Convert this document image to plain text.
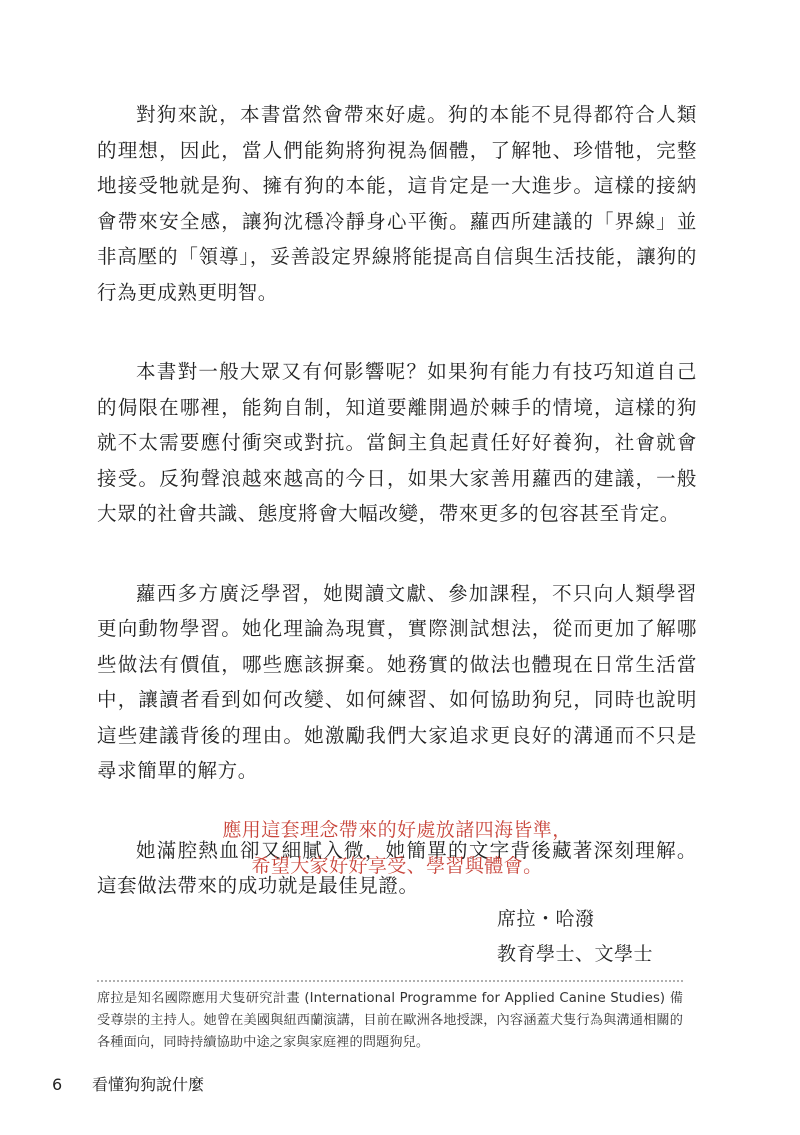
對狗來說，本書當然會帶來好處。狗的本能不見得都符合人類的理想，因此，當人們能夠將狗視為個體，了解牠、珍惜牠，完整地接受牠就是狗、擁有狗的本能，這肯定是一大進步。這樣的接納會帶來安全感，讓狗沈穩冷靜身心平衡。蘿西所建議的「界線」並非高壓的「領導」，妥善設定界線將能提高自信與生活技能，讓狗的行為更成熟更明智。

本書對一般大眾又有何影響呢？如果狗有能力有技巧知道自己的侷限在哪裡，能夠自制，知道要離開過於棘手的情境，這樣的狗就不太需要應付衝突或對抗。當飼主負起責任好好養狗，社會就會接受。反狗聲浪越來越高的今日，如果大家善用蘿西的建議，一般大眾的社會共識、態度將會大幅改變，帶來更多的包容甚至肯定。

蘿西多方廣泛學習，她閱讀文獻、參加課程，不只向人類學習更向動物學習。她化理論為現實，實際測試想法，從而更加了解哪些做法有價值，哪些應該摒棄。她務實的做法也體現在日常生活當中，讓讀者看到如何改變、如何練習、如何協助狗兒，同時也說明這些建議背後的理由。她激勵我們大家追求更良好的溝通而不只是尋求簡單的解方。

她滿腔熱血卻又細膩入微，她簡單的文字背後藏著深刻理解。這套做法帶來的成功就是最佳見證。

應用這套理念帶來的好處放諸四海皆準，
希望大家好好享受、學習與體會。
席拉・哈潑
教育學士、文學士
席拉是知名國際應用犬隻研究計畫 (International Programme for Applied Canine Studies) 備受尊崇的主持人。她曾在美國與紐西蘭演講，目前在歐洲各地授課，內容涵蓋犬隻行為與溝通相關的各種面向，同時持續協助中途之家與家庭裡的問題狗兒。
6 看懂狗狗說什麼
